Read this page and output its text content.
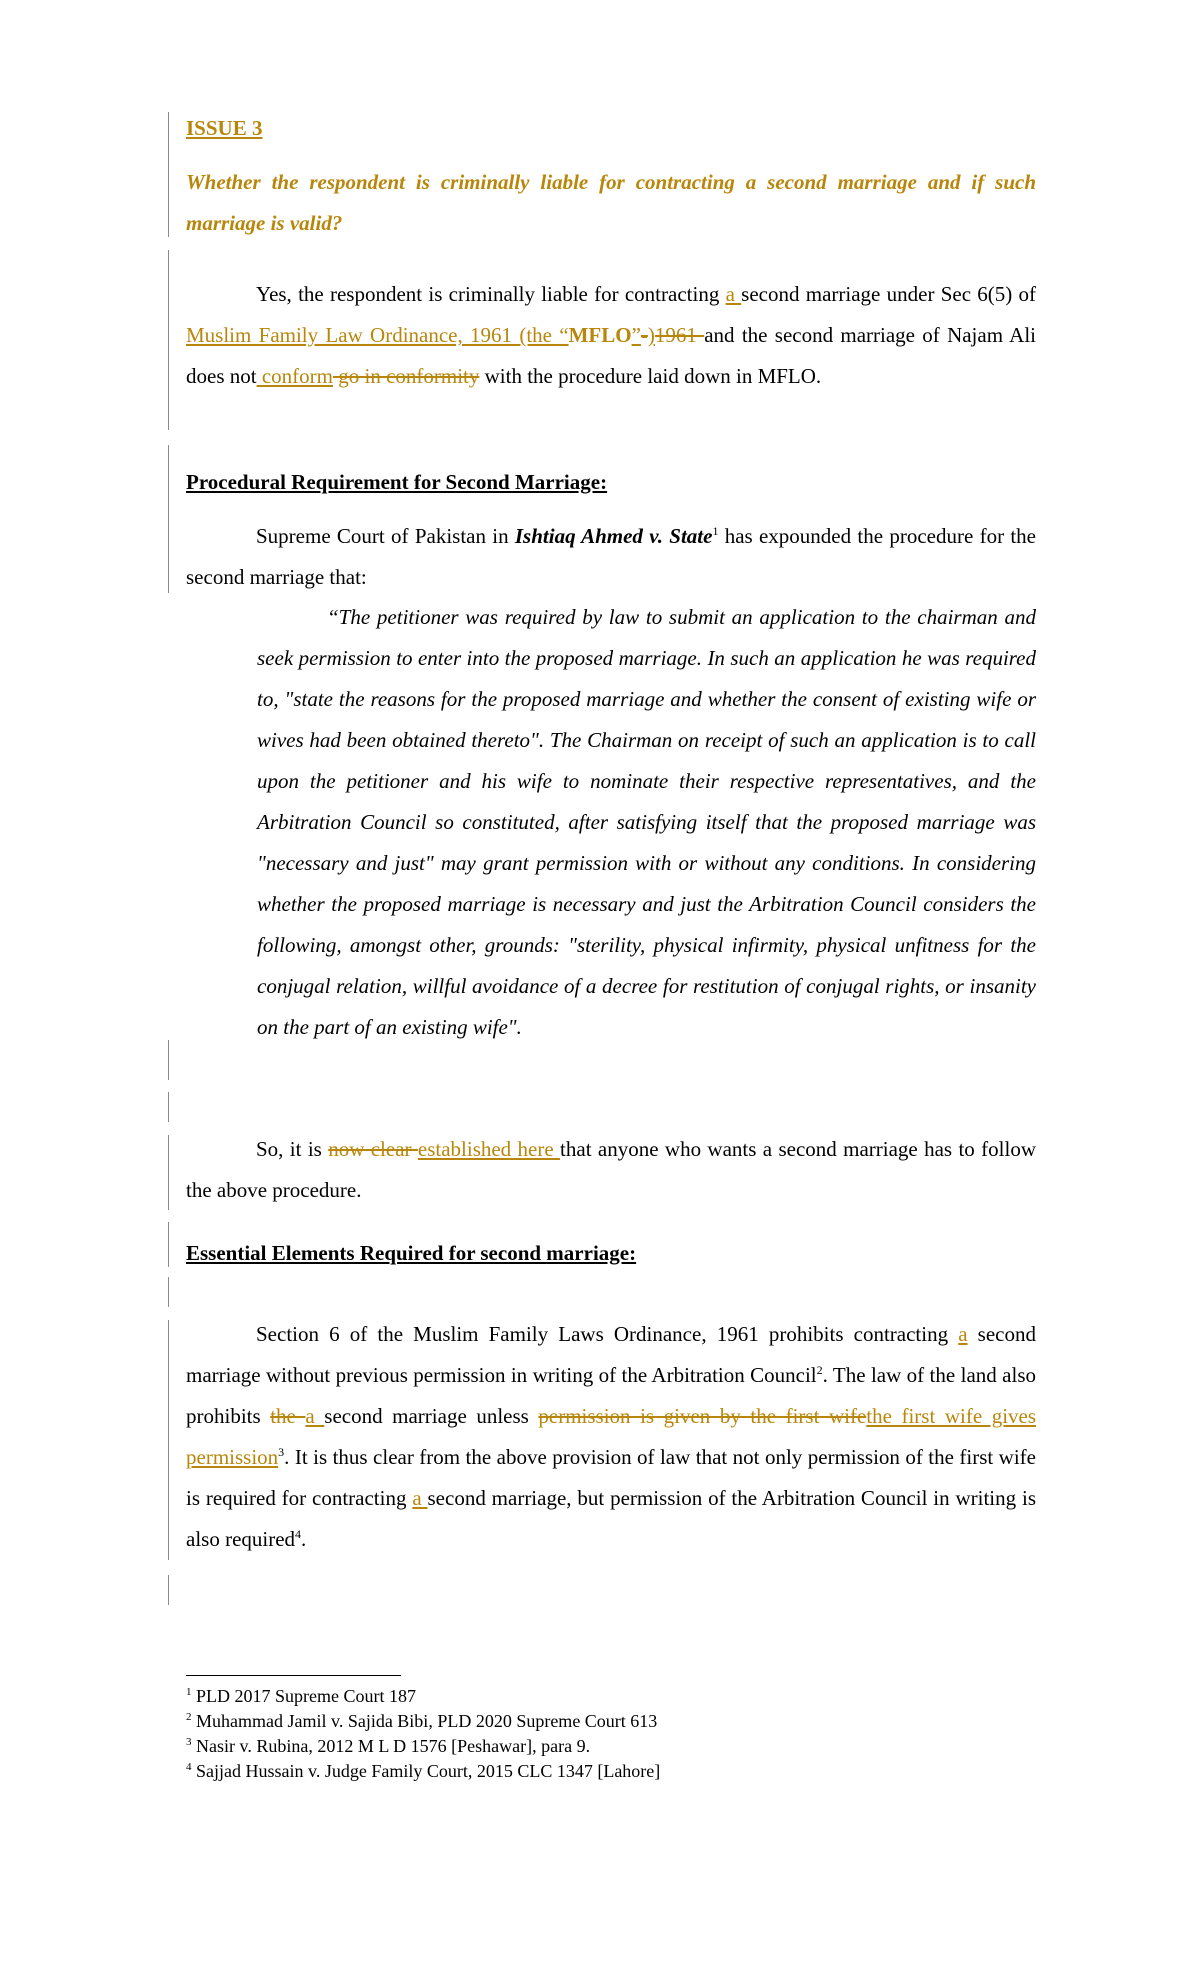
ISSUE 3
Whether the respondent is criminally liable for contracting a second marriage and if such marriage is valid?

Yes, the respondent is criminally liable for contracting a second marriage under Sec 6(5) of Muslim Family Law Ordinance, 1961 (the “MFLO”-)1961 and the second marriage of Najam Ali does not conform go in conformity with the procedure laid down in MFLO.

Procedural Requirement for Second Marriage:

Supreme Court of Pakistan in Ishtiaq Ahmed v. State$^1$ has expounded the procedure for the second marriage that:

“The petitioner was required by law to submit an application to the chairman and seek permission to enter into the proposed marriage. In such an application he was required to, "state the reasons for the proposed marriage and whether the consent of existing wife or wives had been obtained thereto". The Chairman on receipt of such an application is to call upon the petitioner and his wife to nominate their respective representatives, and the Arbitration Council so constituted, after satisfying itself that the proposed marriage was "necessary and just" may grant permission with or without any conditions. In considering whether the proposed marriage is necessary and just the Arbitration Council considers the following, amongst other, grounds: "sterility, physical infirmity, physical unfitness for the conjugal relation, willful avoidance of a decree for restitution of conjugal rights, or insanity on the part of an existing wife".

So, it is now clear established here that anyone who wants a second marriage has to follow the above procedure.

Essential Elements Required for second marriage:

Section 6 of the Muslim Family Laws Ordinance, 1961 prohibits contracting a second marriage without previous permission in writing of the Arbitration Council$^2$. The law of the land also prohibits the a second marriage unless permission is given by the first wifethe first wife gives permission$^3$. It is thus clear from the above provision of law that not only permission of the first wife is required for contracting a second marriage, but permission of the Arbitration Council in writing is also required$^4$.

$^1$ PLD 2017 Supreme Court 187
$^2$ Muhammad Jamil v. Sajida Bibi, PLD 2020 Supreme Court 613
$^3$ Nasir v. Rubina, 2012 M L D 1576 [Peshawar], para 9.
$^4$ Sajjad Hussain v. Judge Family Court, 2015 CLC 1347 [Lahore]
